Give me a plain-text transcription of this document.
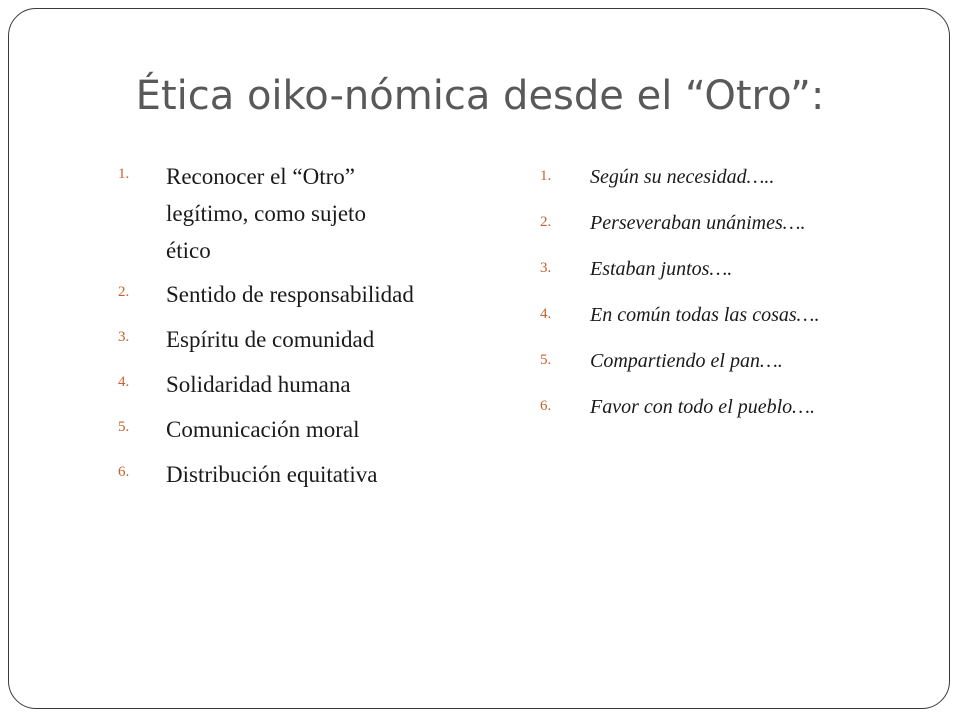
Ética oiko-nómica desde el “Otro”:
1.	Reconocer el “Otro” legítimo, como sujeto ético
2.	Sentido de responsabilidad
3.	Espíritu de comunidad
4.	Solidaridad humana
5.	Comunicación moral
6.	Distribución equitativa
1.	Según su necesidad…..
2.	Perseveraban unánimes….
3.	Estaban juntos….
4.	En común todas las cosas….
5.	Compartiendo el pan….
6.	Favor con todo el pueblo….
